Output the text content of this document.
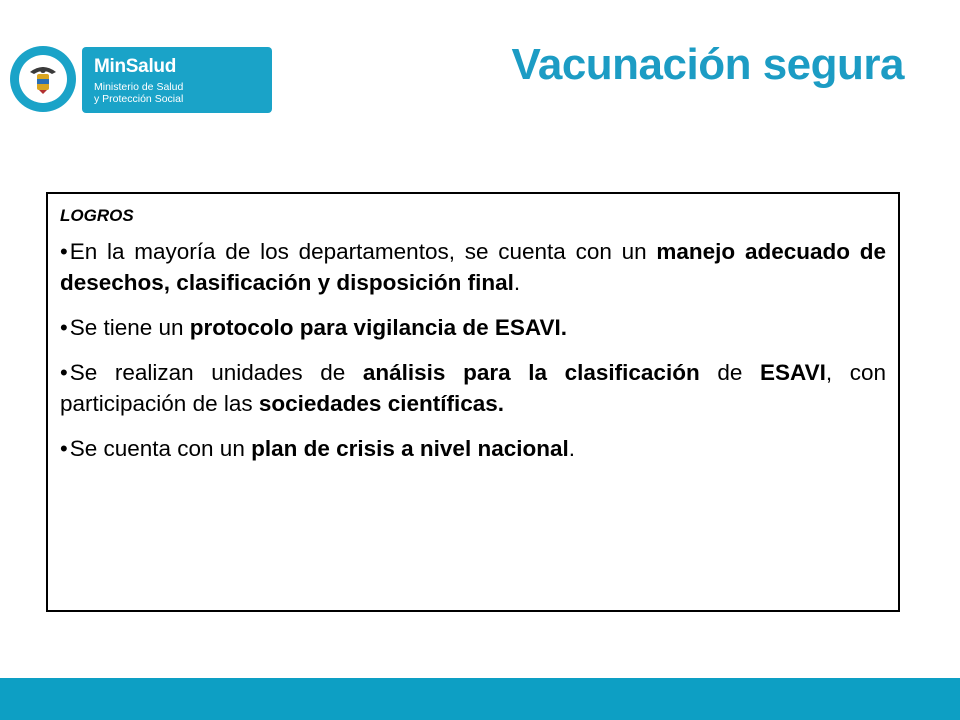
MinSalud
Ministerio de Salud
y Protección Social
Vacunación segura
LOGROS

•En la mayoría de los departamentos, se cuenta con un manejo adecuado de desechos, clasificación y disposición final.

•Se tiene un protocolo para vigilancia de ESAVI.

•Se realizan unidades de análisis para la clasificación de ESAVI, con participación de las sociedades científicas.

•Se cuenta con un plan de crisis a nivel nacional.
